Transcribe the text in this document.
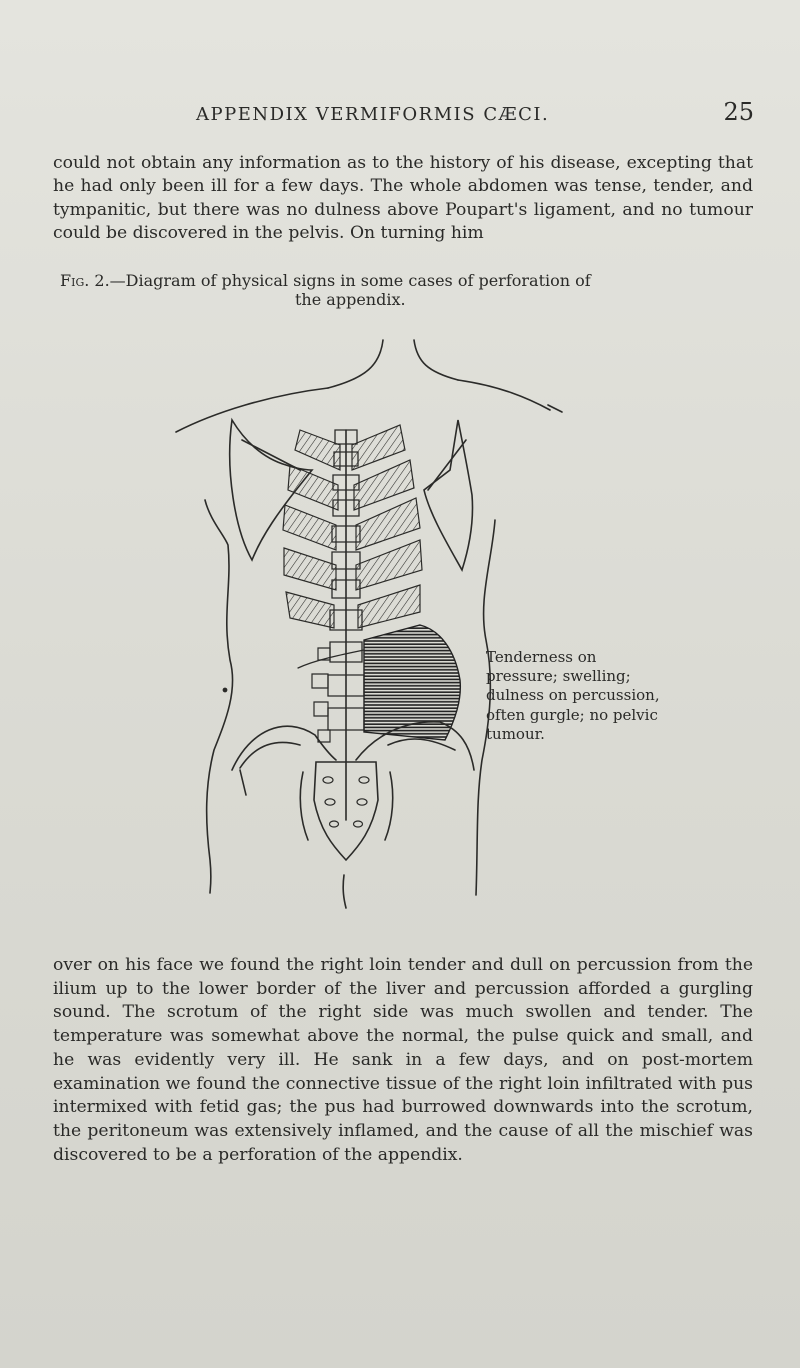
APPENDIX VERMIFORMIS CÆCI.	25

could not obtain any information as to the history of his disease, excepting that he had only been ill for a few days. The whole abdomen was tense, tender, and tympanitic, but there was no dulness above Poupart's ligament, and no tumour could be discovered in the pelvis. On turning him

Fig. 2.—Diagram of physical signs in some cases of perforation of
the appendix.
Tenderness on pressure; swelling; dulness on percussion, often gurgle; no pelvic tumour.

over on his face we found the right loin tender and dull on percussion from the ilium up to the lower border of the liver and percussion afforded a gurgling sound. The scrotum of the right side was much swollen and tender. The temperature was somewhat above the normal, the pulse quick and small, and he was evidently very ill. He sank in a few days, and on post-mortem examination we found the connective tissue of the right loin infiltrated with pus intermixed with fetid gas; the pus had burrowed downwards into the scrotum, the peritoneum was extensively inflamed, and the cause of all the mischief was discovered to be a perforation of the appendix.
